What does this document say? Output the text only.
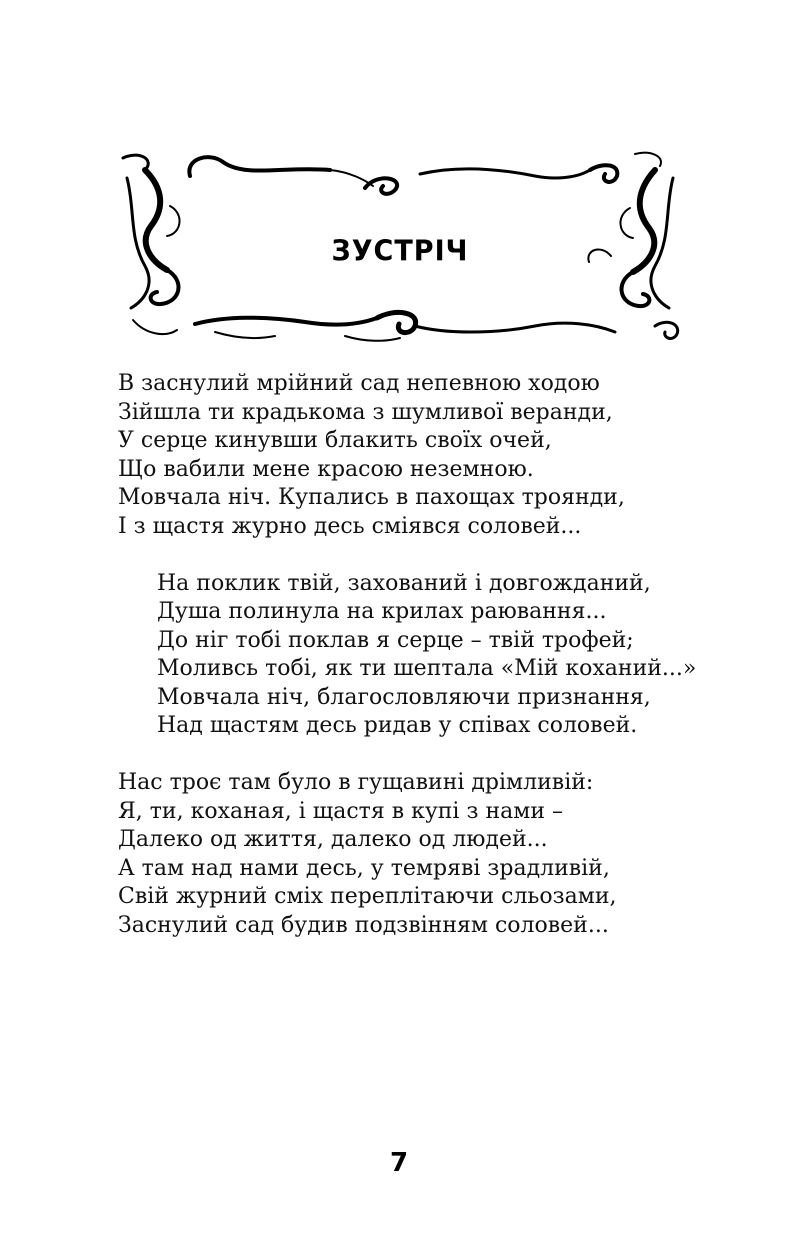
ЗУСТРІЧ
В заснулий мрійний сад непевною ходою
Зійшла ти крадькома з шумливої веранди,
У серце кинувши блакить своїх очей,
Що вабили мене красою неземною.
Мовчала ніч. Купались в пахощах троянди,
І з щастя журно десь сміявся соловей...
На поклик твій, захований і довгожданий,
Душа полинула на крилах раювання...
До ніг тобі поклав я серце – твій трофей;
Моливсь тобі, як ти шептала «Мій коханий...»
Мовчала ніч, благословляючи признання,
Над щастям десь ридав у співах соловей.
Нас троє там було в гущавині дрімливій:
Я, ти, коханая, і щастя в купі з нами –
Далеко од життя, далеко од людей...
А там над нами десь, у темряві зрадливій,
Свій журний сміх переплітаючи сльозами,
Заснулий сад будив подзвінням соловей...
7
